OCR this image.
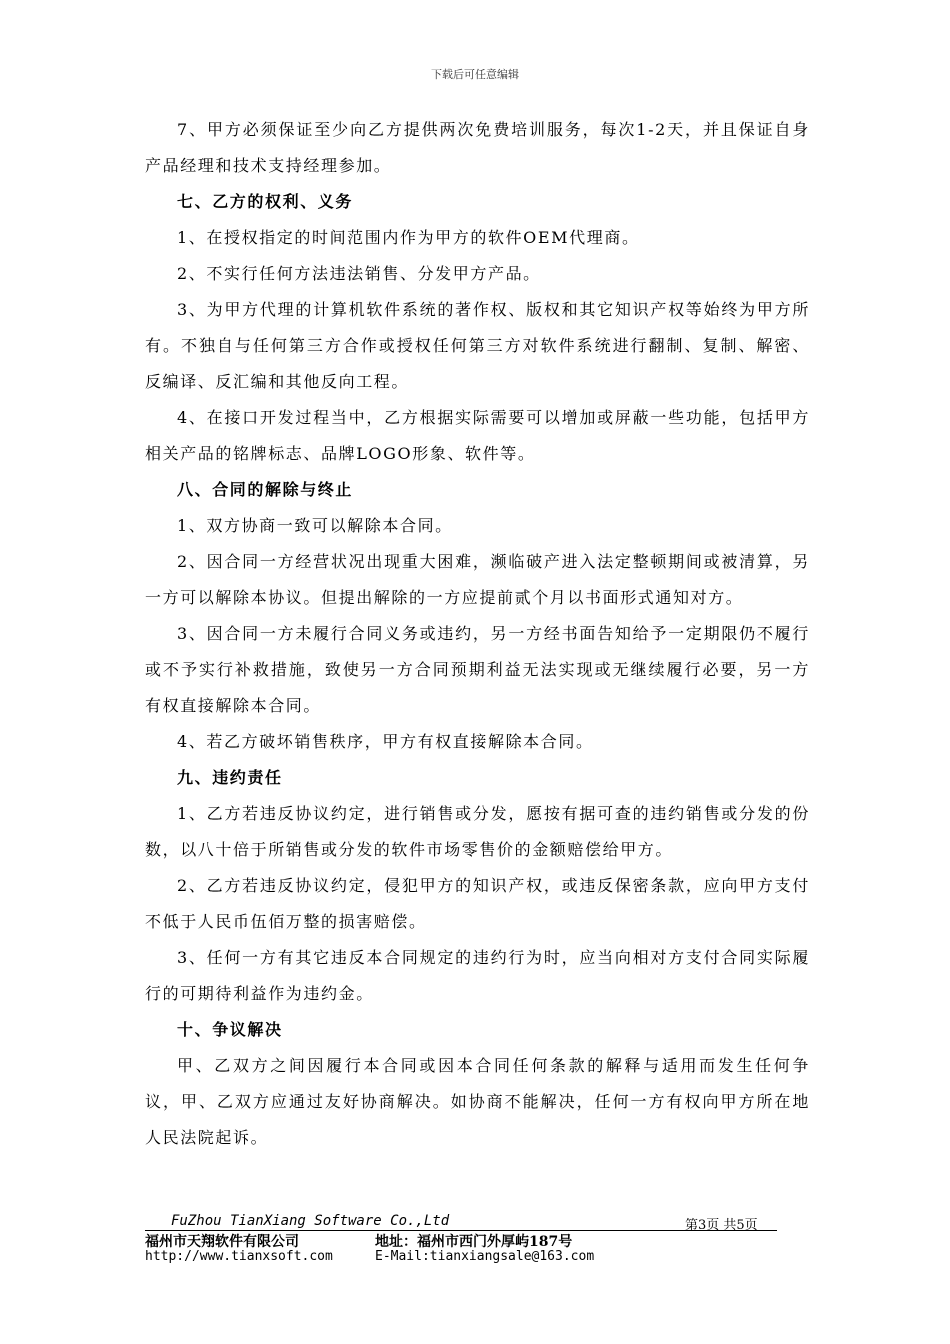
下载后可任意编辑

7、甲方必须保证至少向乙方提供两次免费培训服务，每次1-2天，并且保证自身产品经理和技术支持经理参加。

七、乙方的权利、义务

1、在授权指定的时间范围内作为甲方的软件OEM代理商。

2、不实行任何方法违法销售、分发甲方产品。

3、为甲方代理的计算机软件系统的著作权、版权和其它知识产权等始终为甲方所有。不独自与任何第三方合作或授权任何第三方对软件系统进行翻制、复制、解密、反编译、反汇编和其他反向工程。

4、在接口开发过程当中，乙方根据实际需要可以增加或屏蔽一些功能，包括甲方相关产品的铭牌标志、品牌LOGO形象、软件等。

八、合同的解除与终止

1、双方协商一致可以解除本合同。

2、因合同一方经营状况出现重大困难，濒临破产进入法定整顿期间或被清算，另一方可以解除本协议。但提出解除的一方应提前贰个月以书面形式通知对方。

3、因合同一方未履行合同义务或违约，另一方经书面告知给予一定期限仍不履行或不予实行补救措施，致使另一方合同预期利益无法实现或无继续履行必要，另一方有权直接解除本合同。

4、若乙方破坏销售秩序，甲方有权直接解除本合同。

九、违约责任

1、乙方若违反协议约定，进行销售或分发，愿按有据可查的违约销售或分发的份数，以八十倍于所销售或分发的软件市场零售价的金额赔偿给甲方。

2、乙方若违反协议约定，侵犯甲方的知识产权，或违反保密条款，应向甲方支付不低于人民币伍佰万整的损害赔偿。

3、任何一方有其它违反本合同规定的违约行为时，应当向相对方支付合同实际履行的可期待利益作为违约金。

十、争议解决

甲、乙双方之间因履行本合同或因本合同任何条款的解释与适用而发生任何争议，甲、乙双方应通过友好协商解决。如协商不能解决，任何一方有权向甲方所在地人民法院起诉。

FuZhou TianXiang Software Co.,Ltd	第3页 共5页
福州市天翔软件有限公司	地址：福州市西门外厚屿187号
http://www.tianxsoft.com	E-Mail:tianxiangsale@163.com
